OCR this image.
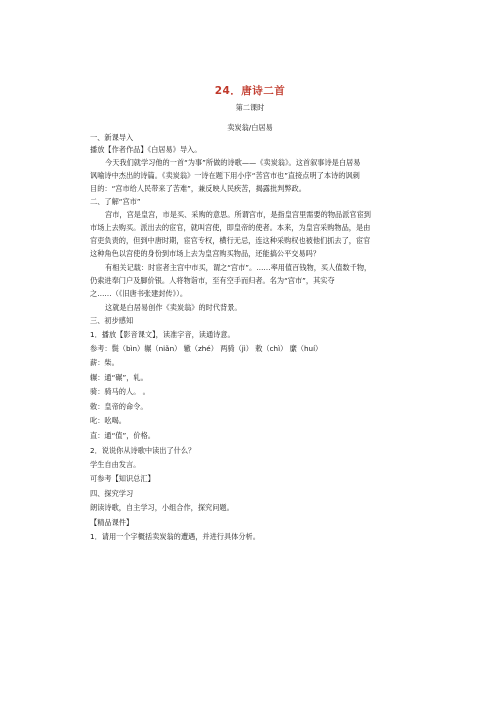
24．唐诗二首
第二课时
卖炭翁/白居易
一、新课导入
播放【作者作品】《白居易》导入。
今天我们就学习他的一首“为事”所做的诗歌——《卖炭翁》。这首叙事诗是白居易
讽喻诗中杰出的诗篇。《卖炭翁》一诗在题下用小序“苦宫市也”直接点明了本诗的讽刺
目的：“宫市给人民带来了苦难”，兼反映人民疾苦，揭露批判弊政。
二、了解“宫市”
宫市，宫是皇宫，市是买、采购的意思。所谓宫市，是指皇宫里需要的物品派官宦到
市场上去购买。派出去的宦官，就叫宫使，即皇帝的使者。本来，为皇宫采购物品，是由
官吏负责的，但到中唐时期，宦官专权，横行无忌，连这种采购权也被他们抓去了，宦官
这种角色以宫使的身份到市场上去为皇宫购买物品，还能搞公平交易吗？
有相关记载：时宦者主宫中市买，谓之“宫市”。……率用值百钱物，买人值数千物，
仍索进奉门户及脚价银。人将物诣市，至有空手而归者。名为“宫市”，其实夺
之……（《旧唐书张建封传》）。
这就是白居易创作《卖炭翁》的时代背景。
三、初步感知
1．播放【影音课文】，读准字音，读通诗意。
参考：鬓（bìn）辗（niǎn） 辙（zhé） 两骑（jì） 敕（chì） 縻（huí）
薪：柴。
辗：通“碾”，轧。
骑：骑马的人。 。
敕：皇帝的命令。
叱：吆喝。
直：通“值”，价格。
2．说说你从诗歌中读出了什么？
学生自由发言。
可参考【知识总汇】
四、探究学习
朗读诗歌，自主学习，小组合作，探究问题。
【精品课件】
1．请用一个字概括卖炭翁的遭遇，并进行具体分析。
